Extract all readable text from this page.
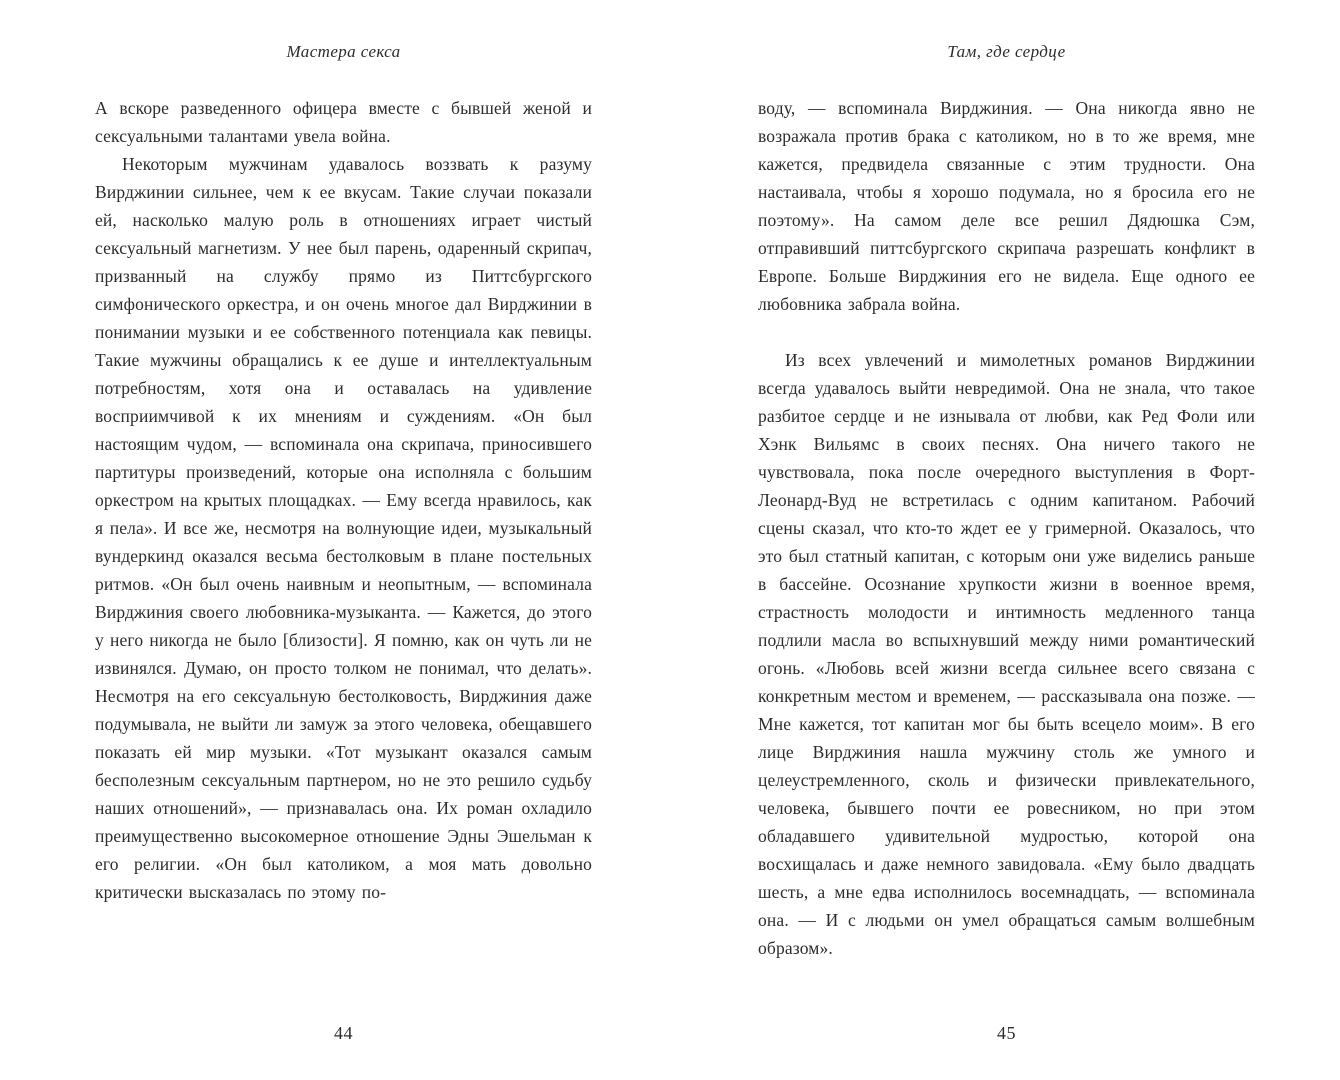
Мастера секса

А вскоре разведенного офицера вместе с бывшей женой и сексуальными талантами увела война.

Некоторым мужчинам удавалось воззвать к разуму Вирджинии сильнее, чем к ее вкусам. Такие случаи показали ей, насколько малую роль в отношениях играет чистый сексуальный магнетизм. У нее был парень, одаренный скрипач, призванный на службу прямо из Питтсбургского симфонического оркестра, и он очень многое дал Вирджинии в понимании музыки и ее собственного потенциала как певицы. Такие мужчины обращались к ее душе и интеллектуальным потребностям, хотя она и оставалась на удивление восприимчивой к их мнениям и суждениям. «Он был настоящим чудом, — вспоминала она скрипача, приносившего партитуры произведений, которые она исполняла с большим оркестром на крытых площадках. — Ему всегда нравилось, как я пела». И все же, несмотря на волнующие идеи, музыкальный вундеркинд оказался весьма бестолковым в плане постельных ритмов. «Он был очень наивным и неопытным, — вспоминала Вирджиния своего любовника-музыканта. — Кажется, до этого у него никогда не было [близости]. Я помню, как он чуть ли не извинялся. Думаю, он просто толком не понимал, что делать». Несмотря на его сексуальную бестолковость, Вирджиния даже подумывала, не выйти ли замуж за этого человека, обещавшего показать ей мир музыки. «Тот музыкант оказался самым бесполезным сексуальным партнером, но не это решило судьбу наших отношений», — признавалась она. Их роман охладило преимущественно высокомерное отношение Эдны Эшельман к его религии. «Он был католиком, а моя мать довольно критически высказалась по этому по-

44
Там, где сердце

воду, — вспоминала Вирджиния. — Она никогда явно не возражала против брака с католиком, но в то же время, мне кажется, предвидела связанные с этим трудности. Она настаивала, чтобы я хорошо подумала, но я бросила его не поэтому». На самом деле все решил Дядюшка Сэм, отправивший питтсбургского скрипача разрешать конфликт в Европе. Больше Вирджиния его не видела. Еще одного ее любовника забрала война.

Из всех увлечений и мимолетных романов Вирджинии всегда удавалось выйти невредимой. Она не знала, что такое разбитое сердце и не изнывала от любви, как Ред Фоли или Хэнк Вильямс в своих песнях. Она ничего такого не чувствовала, пока после очередного выступления в Форт-Леонард-Вуд не встретилась с одним капитаном. Рабочий сцены сказал, что кто-то ждет ее у гримерной. Оказалось, что это был статный капитан, с которым они уже виделись раньше в бассейне. Осознание хрупкости жизни в военное время, страстность молодости и интимность медленного танца подлили масла во вспыхнувший между ними романтический огонь. «Любовь всей жизни всегда сильнее всего связана с конкретным местом и временем, — рассказывала она позже. — Мне кажется, тот капитан мог бы быть всецело моим». В его лице Вирджиния нашла мужчину столь же умного и целеустремленного, сколь и физически привлекательного, человека, бывшего почти ее ровесником, но при этом обладавшего удивительной мудростью, которой она восхищалась и даже немного завидовала. «Ему было двадцать шесть, а мне едва исполнилось восемнадцать, — вспоминала она. — И с людьми он умел обращаться самым волшебным образом».

45
